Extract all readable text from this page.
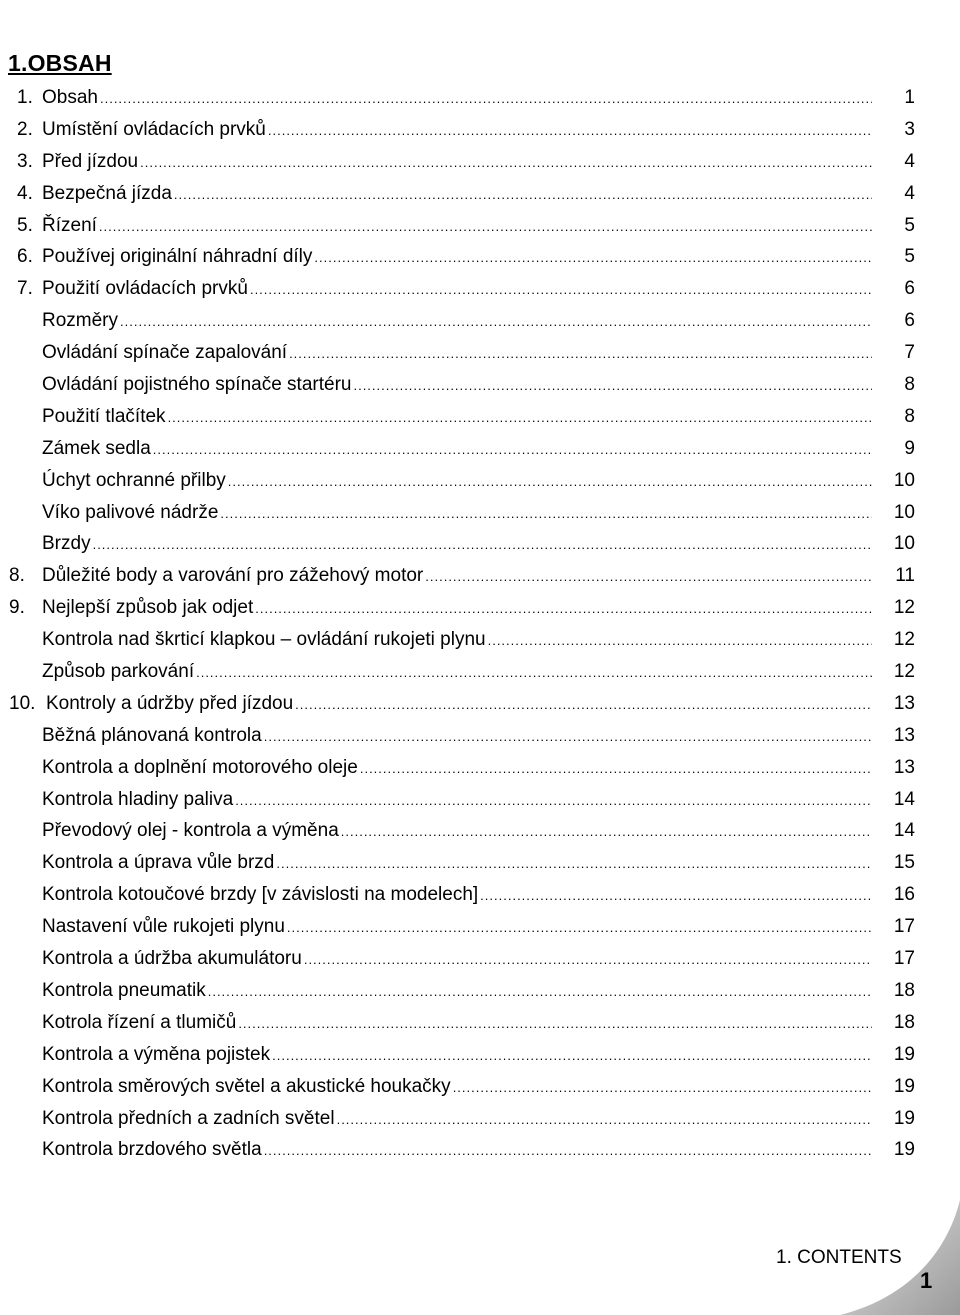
1.OBSAH
1. Obsah .....	1
2. Umístění ovládacích prvků .....	3
3. Před jízdou .....	4
4. Bezpečná jízda .....	4
5. Řízení .....	5
6. Používej originální náhradní díly .....	5
7. Použití ovládacích prvků .....	6
Rozměry .....	6
Ovládání spínače zapalování .....	7
Ovládání pojistného spínače startéru .....	8
Použití tlačítek .....	8
Zámek sedla .....	9
Úchyt ochranné přilby .....	10
Víko palivové nádrže .....	10
Brzdy .....	10
8. Důležité body a varování pro zážehový motor .....	11
9. Nejlepší způsob jak odjet .....	12
Kontrola nad škrticí klapkou – ovládání rukojeti plynu .....	12
Způsob parkování .....	12
10. Kontroly a údržby před jízdou .....	13
Běžná plánovaná kontrola .....	13
Kontrola a doplnění motorového oleje .....	13
Kontrola hladiny paliva .....	14
Převodový olej - kontrola a výměna .....	14
Kontrola a úprava vůle brzd .....	15
Kontrola kotoučové brzdy [v závislosti na modelech] .....	16
Nastavení vůle rukojeti plynu .....	17
Kontrola a údržba akumulátoru .....	17
Kontrola pneumatik .....	18
Kotrola řízení a tlumičů .....	18
Kontrola a výměna pojistek .....	19
Kontrola směrových světel a akustické houkačky .....	19
Kontrola předních a zadních světel .....	19
Kontrola brzdového světla .....	19
1. CONTENTS
1
